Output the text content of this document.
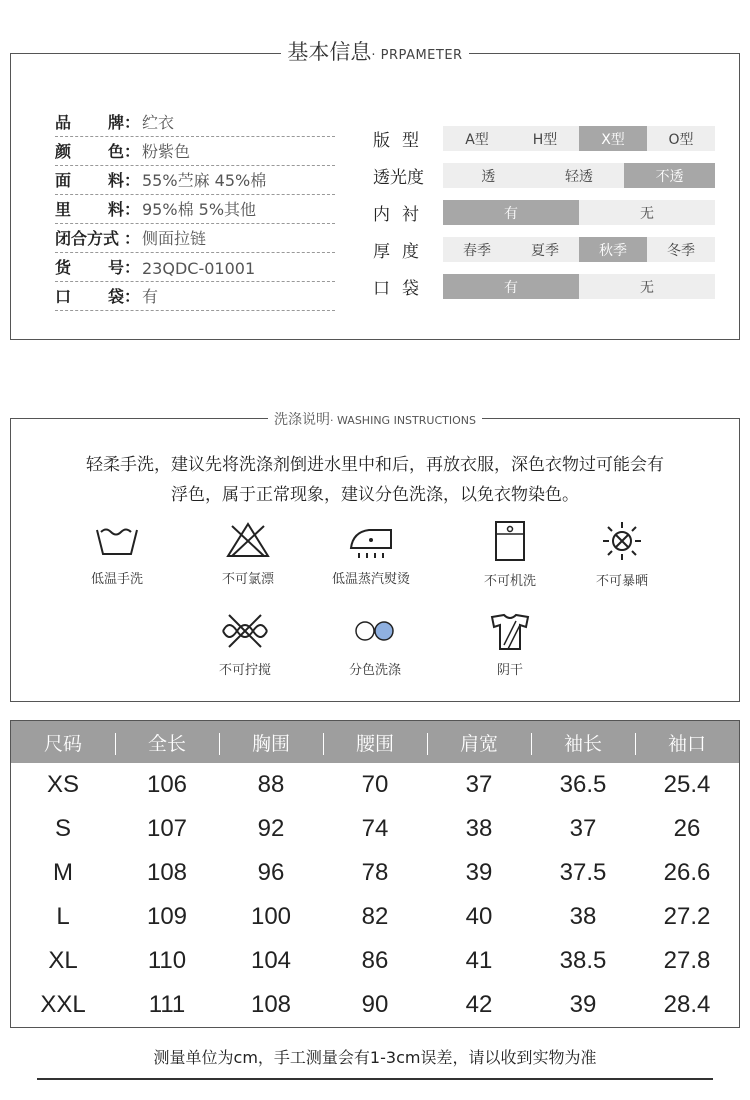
基本信息· PRPAMETER
品 牌 ： 纻衣
颜 色 ： 粉紫色
面 料 ： 55%苎麻 45%棉
里 料 ： 95%棉 5%其他
闭合方式 ： 侧面拉链
货 号 ： 23QDC-01001
口 袋 ： 有
版型	A型	H型	X型	O型
透光度	透	轻透	不透
内衬	有	无
厚度	春季	夏季	秋季	冬季
口袋	有	无
洗涤说明· WASHING INSTRUCTIONS
轻柔手洗，建议先将洗涤剂倒进水里中和后，再放衣服，深色衣物过可能会有
浮色，属于正常现象，建议分色洗涤，以免衣物染色。
低温手洗	不可氯漂	低温蒸汽熨烫	不可机洗	不可暴晒
不可拧搅	分色洗涤	阴干
尺码	全长	胸围	腰围	肩宽	袖长	袖口
XS	106	88	70	37	36.5	25.4
S	107	92	74	38	37	26
M	108	96	78	39	37.5	26.6
L	109	100	82	40	38	27.2
XL	110	104	86	41	38.5	27.8
XXL	111	108	90	42	39	28.4
测量单位为cm，手工测量会有1-3cm误差，请以收到实物为准
